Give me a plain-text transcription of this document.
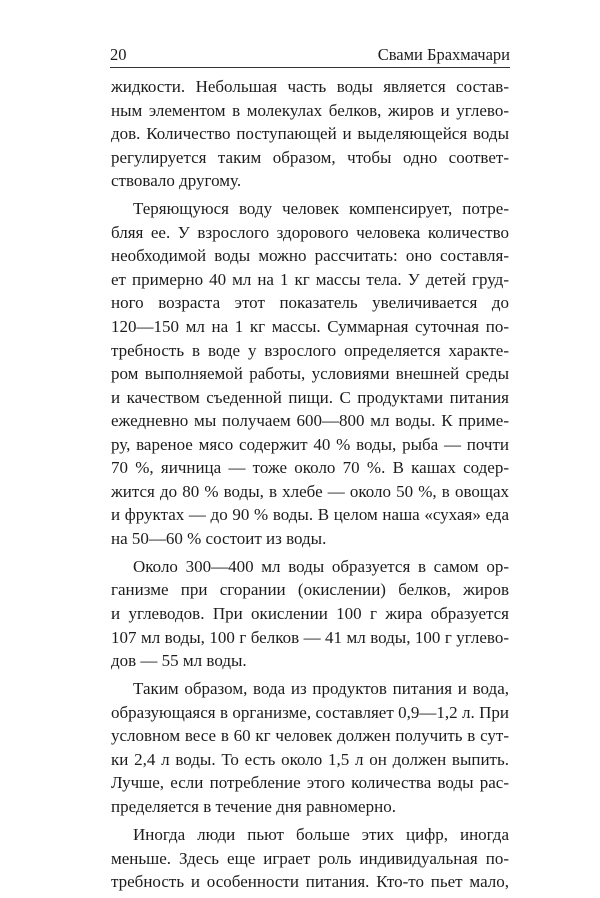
20	Свами Брахмачари
жидкости. Небольшая часть воды является состав-
ным элементом в молекулах белков, жиров и углево-
дов. Количество поступающей и выделяющейся воды
регулируется таким образом, чтобы одно соответ-
ствовало другому.
Теряющуюся воду человек компенсирует, потре-
бляя ее. У взрослого здорового человека количество
необходимой воды можно рассчитать: оно составля-
ет примерно 40 мл на 1 кг массы тела. У детей груд-
ного возраста этот показатель увеличивается до
120—150 мл на 1 кг массы. Суммарная суточная по-
требность в воде у взрослого определяется характе-
ром выполняемой работы, условиями внешней среды
и качеством съеденной пищи. С продуктами питания
ежедневно мы получаем 600—800 мл воды. К приме-
ру, вареное мясо содержит 40 % воды, рыба — почти
70 %, яичница — тоже около 70 %. В кашах содер-
жится до 80 % воды, в хлебе — около 50 %, в овощах
и фруктах — до 90 % воды. В целом наша «сухая» еда
на 50—60 % состоит из воды.
Около 300—400 мл воды образуется в самом ор-
ганизме при сгорании (окислении) белков, жиров
и углеводов. При окислении 100 г жира образуется
107 мл воды, 100 г белков — 41 мл воды, 100 г углево-
дов — 55 мл воды.
Таким образом, вода из продуктов питания и вода,
образующаяся в организме, составляет 0,9—1,2 л. При
условном весе в 60 кг человек должен получить в сут-
ки 2,4 л воды. То есть около 1,5 л он должен выпить.
Лучше, если потребление этого количества воды рас-
пределяется в течение дня равномерно.
Иногда люди пьют больше этих цифр, иногда
меньше. Здесь еще играет роль индивидуальная по-
требность и особенности питания. Кто-то пьет мало,
